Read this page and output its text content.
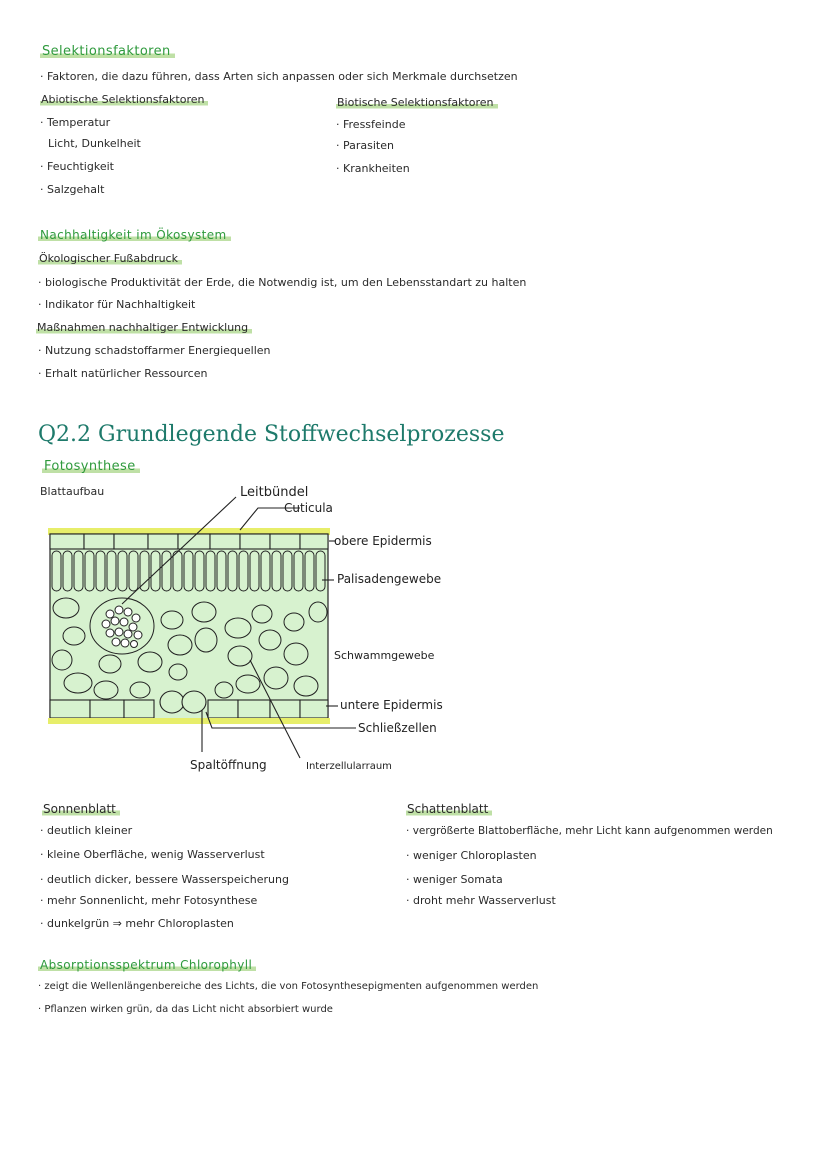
Selektionsfaktoren
· Faktoren, die dazu führen, dass Arten sich anpassen oder sich Merkmale durchsetzen
Abiotische Selektionsfaktoren
· Temperatur
Licht, Dunkelheit
· Feuchtigkeit
· Salzgehalt
Biotische Selektionsfaktoren
· Fressfeinde
· Parasiten
· Krankheiten
Nachhaltigkeit im Ökosystem
Ökologischer Fußabdruck
· biologische Produktivität der Erde, die Notwendig ist, um den Lebensstandart zu halten
· Indikator für Nachhaltigkeit
Maßnahmen nachhaltiger Entwicklung
· Nutzung schadstoffarmer Energiequellen
· Erhalt natürlicher Ressourcen
Q2.2 Grundlegende Stoffwechselprozesse
Fotosynthese
Blattaufbau	Leitbündel
Cuticula
obere Epidermis
Palisadengewebe
Schwammgewebe
untere Epidermis
Schließzellen
Spaltöffnung	Interzellularraum
Sonnenblatt
· deutlich kleiner
· kleine Oberfläche, wenig Wasserverlust
· deutlich dicker, bessere Wasserspeicherung
· mehr Sonnenlicht, mehr Fotosynthese
· dunkelgrün ⇒ mehr Chloroplasten
Schattenblatt
· vergrößerte Blattoberfläche, mehr Licht kann aufgenommen werden
· weniger Chloroplasten
· weniger Somata
· droht mehr Wasserverlust
Absorptionsspektrum Chlorophyll
· zeigt die Wellenlängenbereiche des Lichts, die von Fotosynthesepigmenten aufgenommen werden
· Pflanzen wirken grün, da das Licht nicht absorbiert wurde
